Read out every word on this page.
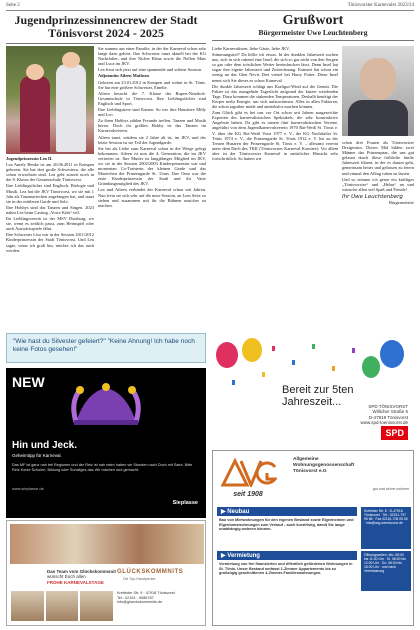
Seite 2	Tönisvorster Karnevaler 2023/24
Jugendprinzessinnencrew der Stadt Tönisvorst 2024 - 2025

Jugendprinzessin Lea II.

Lea Amely Henke ist am 20.06.2011 in Kempen geboren. Sie hat drei große Schwestern, die alle schon erwachsen sind. Lea geht zurzeit noch in die 8. Klasse der Gesamtschule Tönisvorst.

Ihre Lieblingsfächer sind Englisch, Biologie und Musik. Lea hat die JKV Tönisvorst, wo sie mit 1 Jahr als Tanzmariechen angefangen hat, und tanzt sie in der mittleren Garde und Solo.

Ihre Hobbys sind das Tanzen und Singen. 2023 nahm Lea beim Casting „Voice Kids“ teil.

Ihr Lieblingsverein ist der MSV Duisburg, wo sie, wenn es zeitlich passt, zum Heimspiel oder auch Auswärtsspiele fährt.

Ihre Schwester Lisa war in der Session 2011/2012 Kinderprinzessin der Stadt Tönisvorst. Und Lea sagte, wenn ich groß bin, möchte ich das auch werden.

Sie stammt aus einer Familie, in der der Karneval schon sehr lange dazu gehört. Ihre Schwester tanzt aktuell bei der KG Nachtfalter, und ihre Nichte Elena sowie die Neffen Mats und Luca im JKV.

Lea freut sich jetzt auf eine spannende und schöne Session.

Adjutantin Aileen Mathsen

Geboren am 23.01.2012 in Kempen und wohnt in St. Tönis. Sie hat eine größere Schwester, Emelie.

Aileen besucht die 7. Klasse der Rupert-Neudeck-Gesamtschule in Tönisvorst. Ihre Lieblingsfächer sind Englisch und Sport.

Ihre Lieblingstiere sind Katzen. So wie ihre Haustiere Milly und Leo.

Zu ihren Hobbys zählen Freunde treffen, Tanzen und Musik hören. Doch ihr größtes Hobby ist das Tanzen im Karnevalsverein.

Aileen tanzt, seitdem sie 2 Jahre alt ist, im JKV, und der letzte Session ist sie Teil der Jugendgarde.

Sie hat als Liebe zum Karneval schon in die Wiege gelegt bekommen. Aileen ist nun die 4. Generation, die im JKV vertreten ist. Ihre Mutter ist langjähriges Mitglied im JKV, wo sie in der Session 2002/2003 Kinderprinzessin war und momentan Co-Trainerin der kleinen Garde und das Mariechen der Prinzengarde St. Tönis. Ihre Oma war die erste Kinderprinzessin der Stadt und ihr Vater Gründungsmitglied des JKV.

Lea und Aileen verbindet der Karneval schon seit Jahren. Nun freut sie sich sehr auf die neue Session, an Leas Seite zu stehen und zusammen mit ihr die Bühnen unsicher zu machen.

Grußwort
Bürgermeister Uwe Leuchtenberg

Liebe Karnevalisten, liebe Gäste, liebe JKV,

Stimmungstief? Da hilfte ich etwas. In der dunklen Jahreszeit suchen uns, sich in sich ruhend eine Insel, die sich so gar nicht von den Sorgen so gar oder dem tröstlichen Wetter beeindrucken lässt. Denn Insel hat sogar ihre eigene Jahreszeit und Zeitrechnung. Erinnert hat schon ein wenig an das Glen Nevis Drei viertel bei Harry Potter. Diese Insel nennt sich Sie dieses es schon Karneval.

Die dunkle Jahreszeit schlägt uns Kraftgut-Wind auf die Gemüt. Die Fakter ist das mangelnde Tageslicht aufgrund der kürzer werdenden Tage. Dazu kommen die sinkenden Temperaturen. Deshalb benötigt der Körper mehr Energie, um sich aufzuwärmen. Alles in allen Faktoren, die schon tagsüber müde und antriebslos machen können.

Zum Glück gibt es bei uns vor Ort schon seit Jahren ausgezeichte Experten des karnevalistischen Spektakels, die sehr konstruktive Angebote haben. Da gibt es unsere fünf karnevalistischen Vereine, angeführt von dem Jugendkarnevalsverein 1970 Rat-Weiß St. Tönis e. V. über die KG Rot-Weiß Vorst 1977 e. V., die KG Nachtfalter St. Tönis 1974 e. V., die Prinzengarde St. Tönis 1912 e. V. bis zu der Treuen Husaren der Prinzengarde St. Tönis e. V. – allesamt vereint unter dem Dach des TKK (Tönisvorster Karneval Komitee). Vor allem aber ist der Tönisvorster Karneval in natürlicher Hinsicht sehr fortschrittlich. So hatten wir

schon drei Frauen als Tönisvorster Dreigestirn. Dieses Mal bilden zwei Männer das Prinzenpaar, die uns gut gelaunt durch diese fröhliche fünfte Jahreszeit führen, in der es darum geht, gemeinsam heiter und gelassen zu feiern und einmal den Alltag ruhen zu lassen.

Und so stimme ich gerne ein kräftiges „Tönisvorster“ und „Helau“ an und wünsche allen viel Spaß und Freude!

Ihr Uwe Leuchtenberg
Bürgermeister
"Wie hast du Silvester gefeiert?" "Keine Ahnung! Ich habe noch keine Fotos gesehen!"
NEW
Hin und Jeck.
Geheimtipp für Karneval.
Das MF ist ganz nah bei Regionen und der Reiz ist nah raten haben wir Stunden nach Doch mit Saint. Bitte Reiz Konte Schulen, Bildung oder Sonstiges das Wir machen und gemacht.
www.sieplasse.de
Sieplasse
Das Team vom Glückskommsnit
wünscht Euch allen
FROHE KARNEVALSTAGE
GLÜCKSKOMMNITS
Die Top-Handwerker
Krefelder Str. 9 · 47918 Tönisvorst
Tel.: 02151 - 9086787
info@glueckskomminits.de
Bereit zur 5ten Jahreszeit...	SPD TÖNISVORST
Willicher Straße 6
D-47918 Tönisvorst
www.spd-toenisvorst.de
SPD
seit 1908
Allgemeine
Wohnungsgenossenschaft
Tönisvorst e.G
gut und sicher wohnen
▶ Neubau
Bau von Mietwohnungen für den eigenen Bestand sowie Eigenheimen und Eigentumswohnungen zum Verkauf - auch kurzfristig, damit Sie lange unabhängig wohnen können.
▶ Vermietung
Vermietung von frei finanzierten und öffentlich geförderten Wohnungen in St. Tönis. Unser Bestand umfasst 1-Zimmer Appartements bis zu großzügig geschnittenen 4-Zimmer-Familienwohnungen.
Krefelder Str. 8 · D-47918 Tönisvorst · Tel.: 02151-797 95 86 · Fax 02151-708 05 60 · info@avg-toenisvorst.de
Öffnungszeiten: Mo. 08:00 bis 11:00 Uhr · Di. 08:00 bis 12:00 Uhr · Do. 08:00 bis 18:00 Uhr · und nach Vereinbarung
